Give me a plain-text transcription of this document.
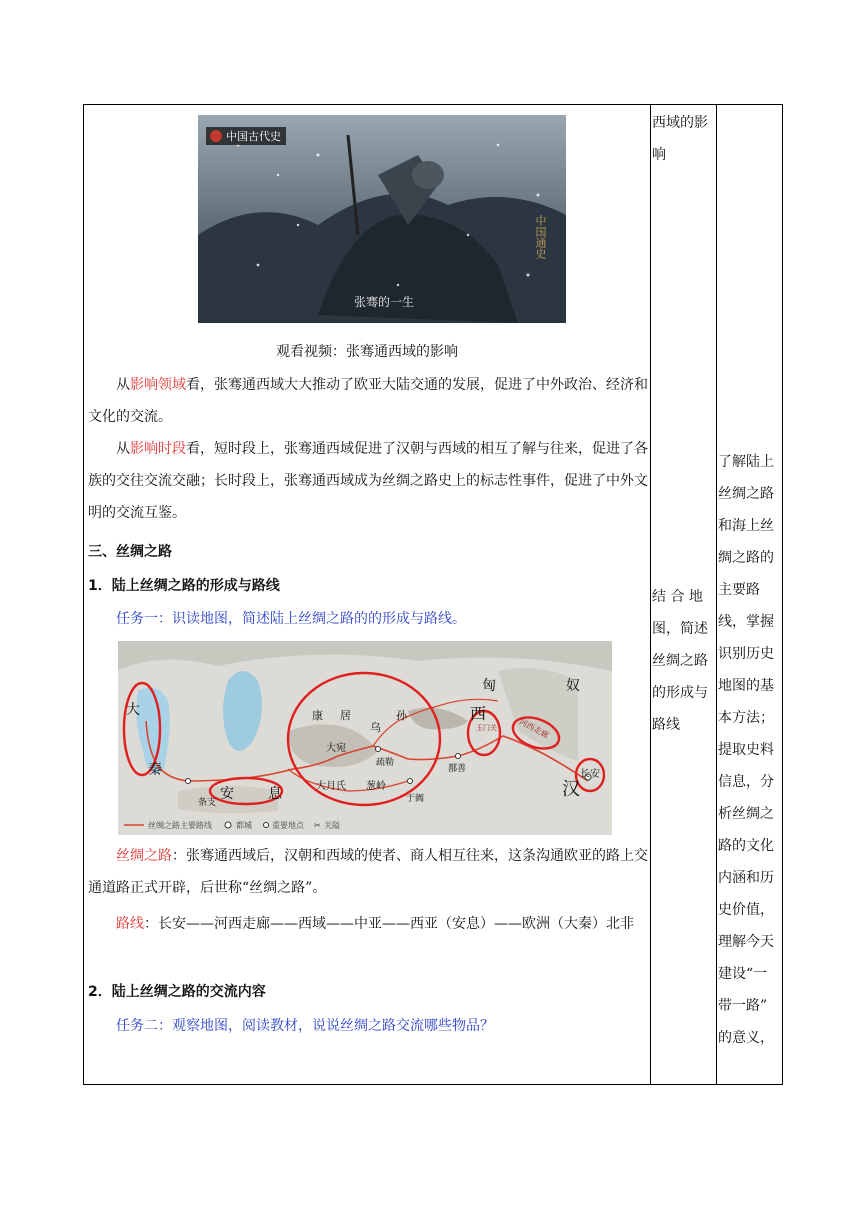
中国古代史
张骞的一生
中国通史
观看视频：张骞通西域的影响
从影响领域看，张骞通西域大大推动了欧亚大陆交通的发展，促进了中外政治、经济和文化的交流。
从影响时段看，短时段上，张骞通西域促进了汉朝与西域的相互了解与往来，促进了各族的交往交流交融；长时段上，张骞通西域成为丝绸之路史上的标志性事件，促进了中外文明的交流互鉴。
三、丝绸之路
1．陆上丝绸之路的形成与路线
任务一：识读地图，简述陆上丝绸之路的的形成与路线。
✂
大
秦
安 息
康 居
乌
孙
大宛
疏勒
大月氏 葱岭
于阗
鄯善
匈	奴
西
玉门关	河西走廊
汉
长安
条支
丝绸之路主要路线	都城	重要地点	关隘
丝绸之路：张骞通西域后，汉朝和西域的使者、商人相互往来，这条沟通欧亚的路上交通道路正式开辟，后世称“丝绸之路”。
路线：长安——河西走廊——西域——中亚——西亚（安息）——欧洲（大秦）北非
2．陆上丝绸之路的交流内容
任务二：观察地图，阅读教材，说说丝绸之路交流哪些物品？
西域的影
响
结 合 地
图，简述
丝绸之路
的形成与
路线
了解陆上
丝绸之路
和海上丝
绸之路的
主要路
线，掌握
识别历史
地图的基
本方法；
提取史料
信息，分
析丝绸之
路的文化
内涵和历
史价值，
理解今天
建设“一
带一路”
的意义，
